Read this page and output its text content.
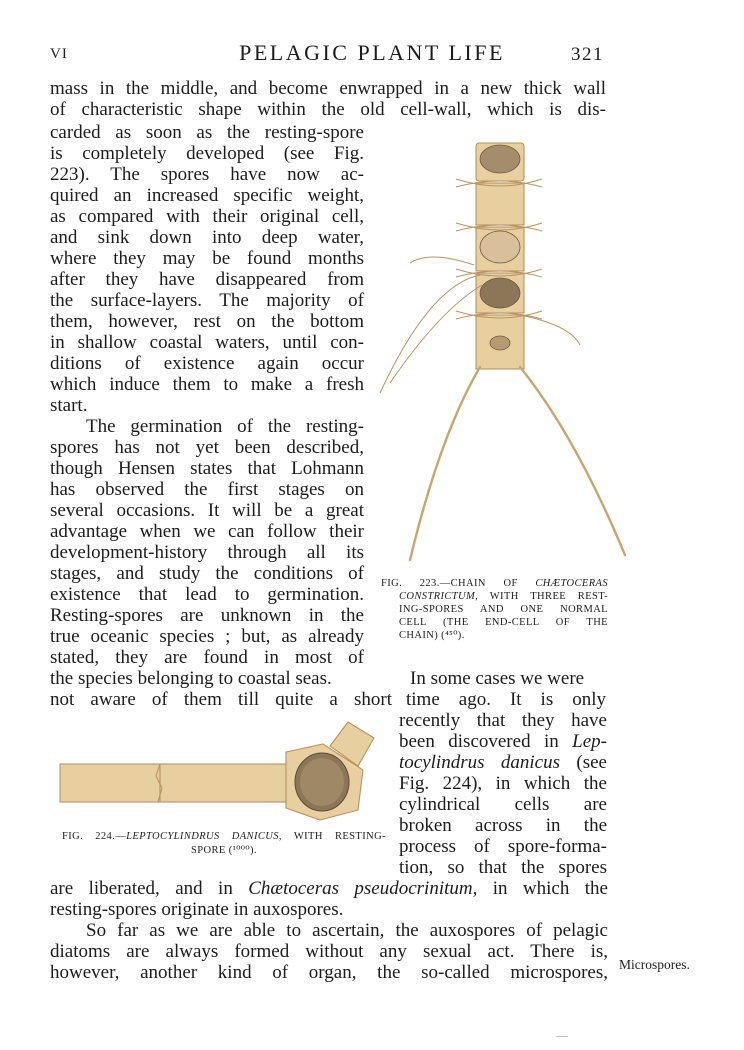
VI	PELAGIC PLANT LIFE	321
mass in the middle, and become enwrapped in a new thick wall
of characteristic shape within the old cell-wall, which is dis-
carded as soon as the resting-spore
is completely developed (see Fig.
223). The spores have now ac-
quired an increased specific weight,
as compared with their original cell,
and sink down into deep water,
where they may be found months
after they have disappeared from
the surface-layers. The majority of
them, however, rest on the bottom
in shallow coastal waters, until con-
ditions of existence again occur
which induce them to make a fresh
start.
The germination of the resting-
spores has not yet been described,
though Hensen states that Lohmann
has observed the first stages on
several occasions. It will be a great
advantage when we can follow their
development-history through all its
stages, and study the conditions of
existence that lead to germination.
Resting-spores are unknown in the
true oceanic species ; but, as already
stated, they are found in most of
the species belonging to coastal seas.	In some cases we were
not aware of them till quite a short time ago. It is only
recently that they have
been discovered in Lep-
tocylindrus danicus (see
Fig. 224), in which the
cylindrical cells are
broken across in the
process of spore-forma-
tion, so that the spores
are liberated, and in Chætoceras pseudocrinitum, in which the
resting-spores originate in auxospores.
So far as we are able to ascertain, the auxospores of pelagic
diatoms are always formed without any sexual act. There is,
however, another kind of organ, the so-called microspores, Microspores.
FIG. 223.—CHAIN OF CHÆTOCERAS
CONSTRICTUM, WITH THREE REST-
ING-SPORES AND ONE NORMAL
CELL (THE END-CELL OF THE
CHAIN) (⁴⁵⁰).
FIG. 224.—LEPTOCYLINDRUS DANICUS, WITH RESTING-
SPORE (¹⁰⁰⁰).
